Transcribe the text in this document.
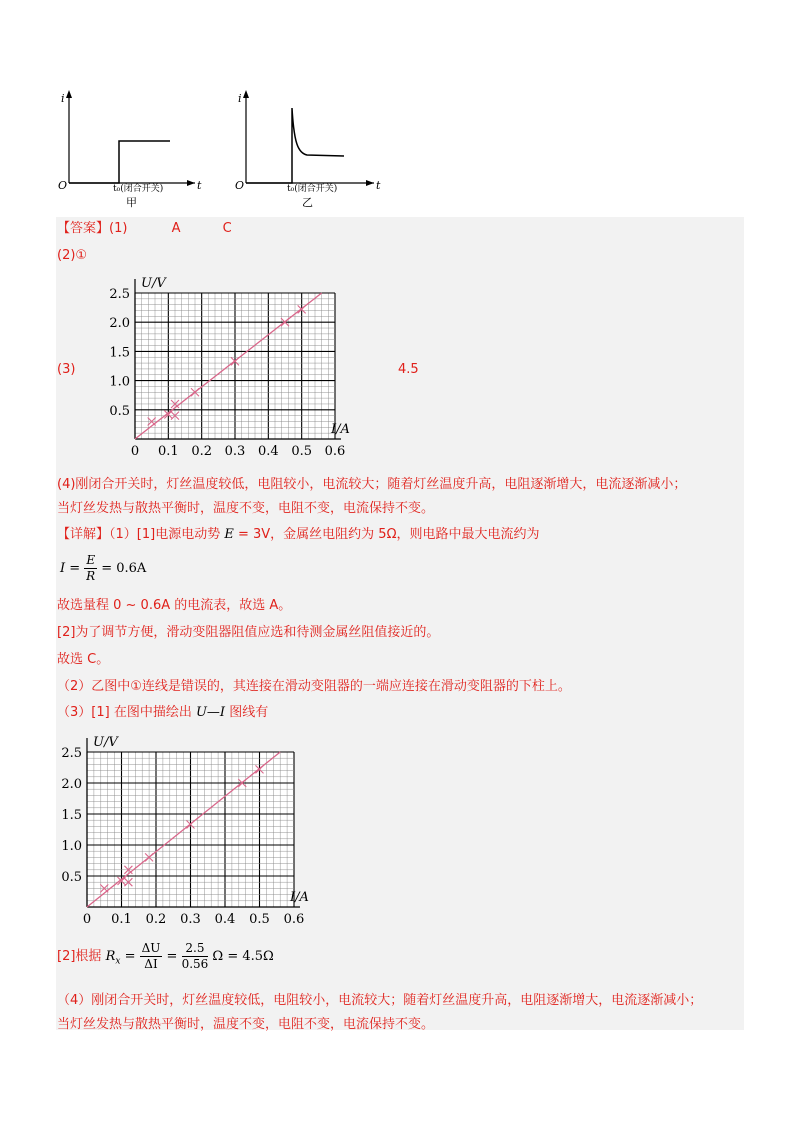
i
O	t
t₀(闭合开关)
甲
i
O	t
t₀(闭合开关)
乙
【答案】(1)	A	C
(2)①
(3)	4.5
0 0.1 0.2 0.3 0.4 0.5 0.6
0.5
1.0
1.5
2.0
2.5
U/V
I/A
(4)刚闭合开关时，灯丝温度较低，电阻较小，电流较大；随着灯丝温度升高，电阻逐渐增大，电流逐渐减小；
当灯丝发热与散热平衡时，温度不变，电阻不变，电流保持不变。
【详解】（1）[1]电源电动势 E = 3V，金属丝电阻约为 5Ω，则电路中最大电流约为
$I = \frac{E}{R} = 0.6A$
故选量程 0 ~ 0.6A 的电流表，故选 A。
[2]为了调节方便，滑动变阻器阻值应选和待测金属丝阻值接近的。
故选 C。
（2）乙图中①连线是错误的，其连接在滑动变阻器的一端应连接在滑动变阻器的下柱上。
（3）[1] 在图中描绘出 U—I 图线有
0 0.1 0.2 0.3 0.4 0.5 0.6
0.5
1.0
1.5
2.0
2.5
U/V
I/A
[2]根据 $R_x = \frac{\Delta U}{\Delta I} = \frac{2.5}{0.56}$ Ω = 4.5Ω
（4）刚闭合开关时，灯丝温度较低，电阻较小，电流较大；随着灯丝温度升高，电阻逐渐增大，电流逐渐减小；
当灯丝发热与散热平衡时，温度不变，电阻不变，电流保持不变。
